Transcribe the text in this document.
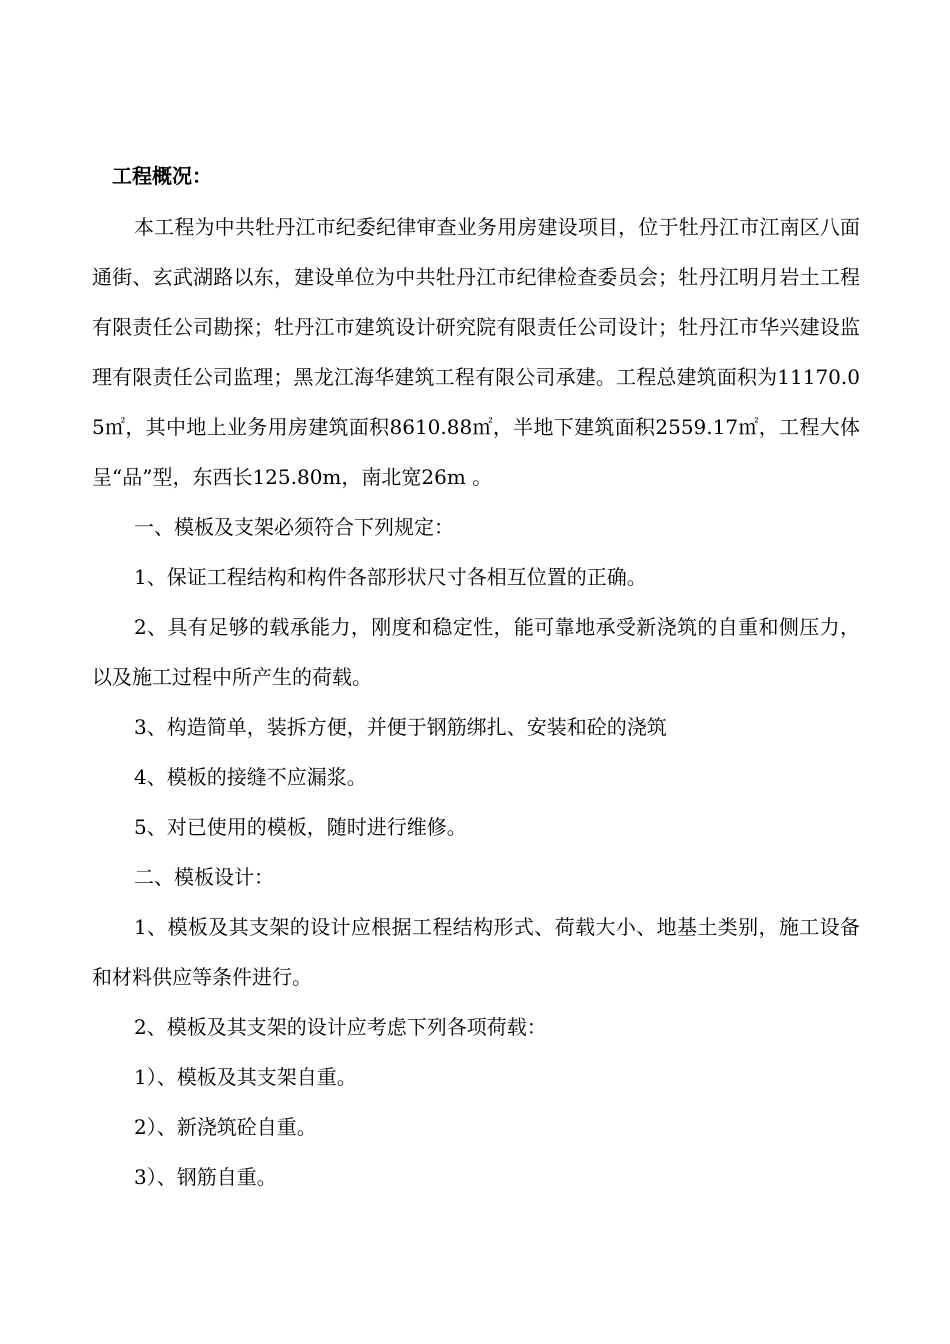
工程概况：

本工程为中共牡丹江市纪委纪律审查业务用房建设项目，位于牡丹江市江南区八面通街、玄武湖路以东，建设单位为中共牡丹江市纪律检查委员会；牡丹江明月岩土工程有限责任公司勘探；牡丹江市建筑设计研究院有限责任公司设计；牡丹江市华兴建设监理有限责任公司监理；黑龙江海华建筑工程有限公司承建。工程总建筑面积为11170.05㎡，其中地上业务用房建筑面积8610.88㎡，半地下建筑面积2559.17㎡，工程大体呈“品”型，东西长125.80m，南北宽26m 。

一、模板及支架必须符合下列规定：

1、保证工程结构和构件各部形状尺寸各相互位置的正确。

2、具有足够的载承能力，刚度和稳定性，能可靠地承受新浇筑的自重和侧压力，以及施工过程中所产生的荷载。

3、构造简单，装拆方便，并便于钢筋绑扎、安装和砼的浇筑

4、模板的接缝不应漏浆。

5、对已使用的模板，随时进行维修。

二、模板设计：

1、模板及其支架的设计应根据工程结构形式、荷载大小、地基土类别，施工设备和材料供应等条件进行。

2、模板及其支架的设计应考虑下列各项荷载：

1）、模板及其支架自重。

2）、新浇筑砼自重。

3）、钢筋自重。
